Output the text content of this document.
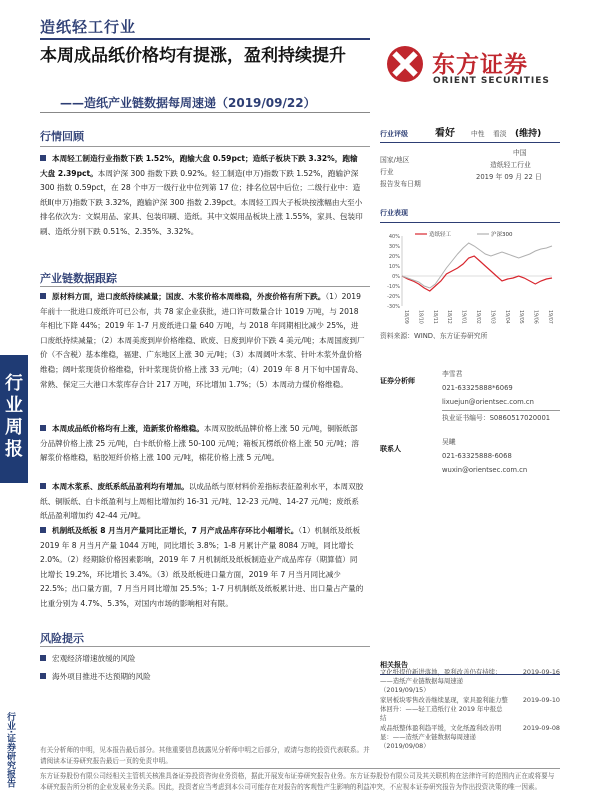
造纸轻工行业
本周成品纸价格均有提涨，盈利持续提升
——造纸产业链数据每周速递（2019/09/22）
东方证券
ORIENT SECURITIES
行
业
周
报
行业·证券研究报告
行情回顾
本周轻工制造行业指数下跌 1.52%，跑输大盘 0.59pct；造纸子板块下跌 3.32%，跑输大盘 2.39pct。本周沪深 300 指数下跌 0.92%。轻工制造(申万)指数下跌 1.52%，跑输沪深 300 指数 0.59pct，在 28 个申万一级行业中位列第 17 位；排名位居中后位；二级行业中：造纸Ⅱ(申万)指数下跌 3.32%，跑输沪深 300 指数 2.39pct。本周轻工四大子板块按涨幅由大至小排名依次为：文娱用品、家具、包装印刷、造纸。其中文娱用品板块上涨 1.55%，家具、包装印刷、造纸分别下跌 0.51%、2.35%、3.32%。
产业链数据跟踪
原材料方面，进口废纸持续减量；国废、木浆价格本周维稳，外废价格有所下跌。（1）2019 年前十一批进口废纸许可已公布，共 78 家企业获批，进口许可数量合计 1019 万吨，与 2018 年相比下降 44%；2019 年 1-7 月废纸进口量 640 万吨，与 2018 年同期相比减少 25%，进口废纸持续减量；（2）本周美废到岸价格维稳、欧废、日废到岸价下跌 4 美元/吨；本周国废到厂价（不含税）基本维稳，福建、广东地区上涨 30 元/吨；（3）本周阔叶木浆、针叶木浆外盘价格维稳；阔叶浆现货价格维稳，针叶浆现货价格上涨 33 元/吨；（4）2019 年 8 月下旬中国青岛、常熟、保定三大港口木浆库存合计 217 万吨，环比增加 1.7%；（5）本周动力煤价格维稳。
本周成品纸价格均有上涨，造新浆价格维稳。本周双胶纸品牌价格上涨 50 元/吨，铜版纸部分品牌价格上涨 25 元/吨，白卡纸价格上涨 50-100 元/吨；箱板瓦楞纸价格上涨 50 元/吨；溶解浆价格维稳，粘胶短纤价格上涨 100 元/吨，棉花价格上涨 5 元/吨。
本周木浆系、废纸系纸品盈利均有增加。以成品纸与原材料价差指标表征盈利水平，本周双胶纸、铜版纸、白卡纸盈利与上周相比增加约 16-31 元/吨、12-23 元/吨、14-27 元/吨；废纸系纸品盈利增加约 42-44 元/吨。
机制纸及纸板 8 月当月产量同比正增长，7 月产成品库存环比小幅增长。（1）机制纸及纸板 2019 年 8 月当月产量 1044 万吨，同比增长 3.8%；1-8 月累计产量 8084 万吨，同比增长 2.0%。（2）经期除价格因素影响，2019 年 7 月机制纸及纸板制造业产成品库存（期算值）同比增长 19.2%，环比增长 3.4%。（3）纸及纸板进口量方面，2019 年 7 月当月同比减少 22.5%；出口量方面，7 月当月同比增加 25.5%；1-7 月机制纸及纸板累计进、出口量占产量的比重分别为 4.7%、5.3%，对国内市场的影响相对有限。
风险提示
宏观经济增速放缓的风险
海外项目推进不达预期的风险
有关分析师的申明，见本报告最后部分。其他重要信息披露见分析师申明之后部分，或请与您的投资代表联系。并请阅读本证券研究报告最后一页的免责申明。
东方证券股份有限公司经相关主管机关核准具备证券投资咨询业务资格，据此开展发布证券研究报告业务。东方证券股份有限公司及其关联机构在法律许可的范围内正在或将要与本研究报告所分析的企业发展业务关系。因此，投资者应当考虑到本公司可能存在对报告的客观性产生影响的利益冲突，不应视本证券研究报告为作出投资决策的唯一因素。
行业评级	看好	中性	看淡 (维持)
国家/地区
中国
行业
造纸轻工行业
报告发布日期
2019 年 09 月 22 日
行业表现
40%
30%
20%
10%
0%
-10%
-20%
-30%
造纸轻工	沪深300
18/09 18/10 18/11 18/12 19/01 19/02 19/03 19/04 19/05 19/06 19/07
资料来源：WIND、东方证券研究所
证券分析师
李雪君
021-63325888*6069
lixuejun@orientsec.com.cn
执业证书编号：S0860517020001
联系人
吴曦
021-63325888-6068
wuxin@orientsec.com.cn
相关报告
文化纸提价新进落地，盈利改善仍有持续：——造纸产业链数据每周速递（2019/09/15）
2019-09-16
家居板块零售改善继续显现，家具盈利能力整体回升：——轻工造纸行业 2019 年中报总结
2019-09-10
成品纸整体盈利趋平缓，文化纸盈利改善明显：——造纸产业链数据每周速递（2019/09/08）
2019-09-08
